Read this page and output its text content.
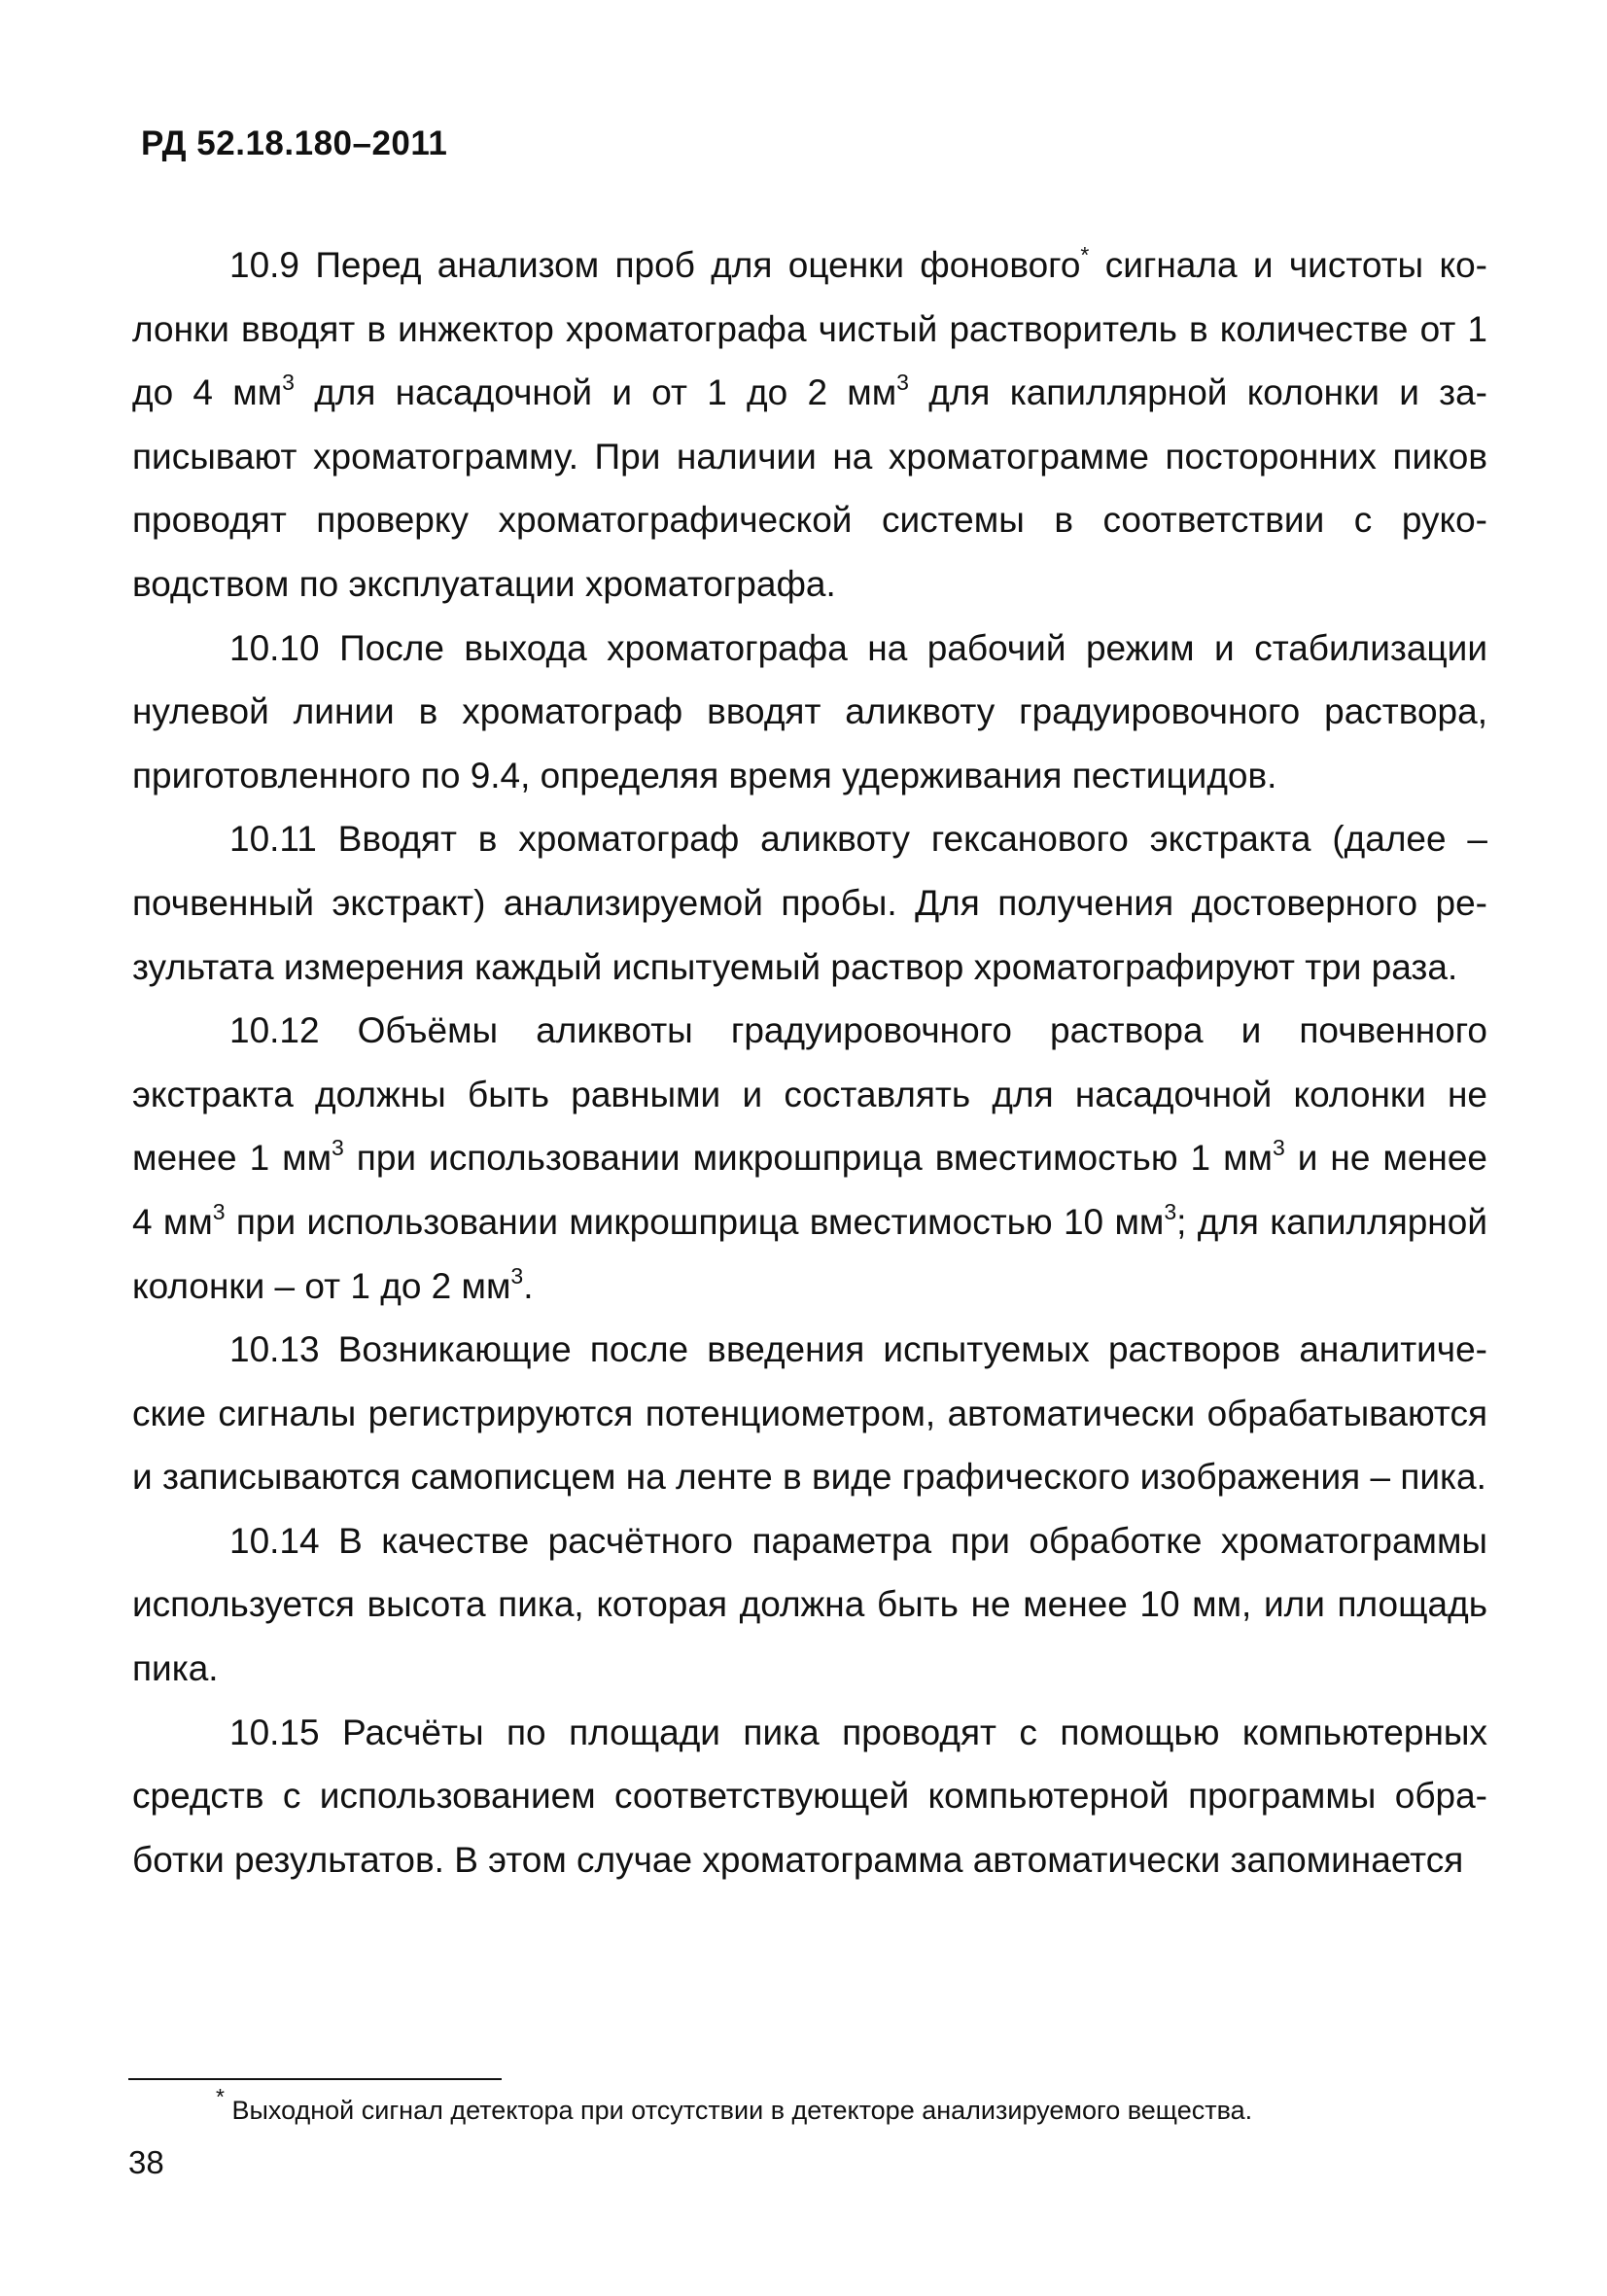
РД 52.18.180–2011

10.9 Перед анализом проб для оценки фонового* сигнала и чистоты колонки вводят в инжектор хроматографа чистый растворитель в количестве от 1 до 4 $мм^3$ для насадочной и от 1 до 2 $мм^3$ для капиллярной колонки и записывают хроматограмму. При наличии на хроматограмме посторонних пиков проводят проверку хроматографической системы в соответствии с руководством по эксплуатации хроматографа.

10.10 После выхода хроматографа на рабочий режим и стабилизации нулевой линии в хроматограф вводят аликвоту градуировочного раствора, приготовленного по 9.4, определяя время удерживания пестицидов.

10.11 Вводят в хроматограф аликвоту гексанового экстракта (далее – почвенный экстракт) анализируемой пробы. Для получения достоверного результата измерения каждый испытуемый раствор хроматографируют три раза.

10.12 Объёмы аликвоты градуировочного раствора и почвенного экстракта должны быть равными и составлять для насадочной колонки не менее 1 $мм^3$ при использовании микрошприца вместимостью 1 $мм^3$ и не менее 4 $мм^3$ при использовании микрошприца вместимостью 10 $мм^3$; для капиллярной колонки – от 1 до 2 $мм^3$.

10.13 Возникающие после введения испытуемых растворов аналитические сигналы регистрируются потенциометром, автоматически обрабатываются и записываются самописцем на ленте в виде графического изображения – пика.

10.14 В качестве расчётного параметра при обработке хроматограммы используется высота пика, которая должна быть не менее 10 мм, или площадь пика.

10.15 Расчёты по площади пика проводят с помощью компьютерных средств с использованием соответствующей компьютерной программы обработки результатов. В этом случае хроматограмма автоматически запоминается

* Выходной сигнал детектора при отсутствии в детекторе анализируемого вещества.
38
